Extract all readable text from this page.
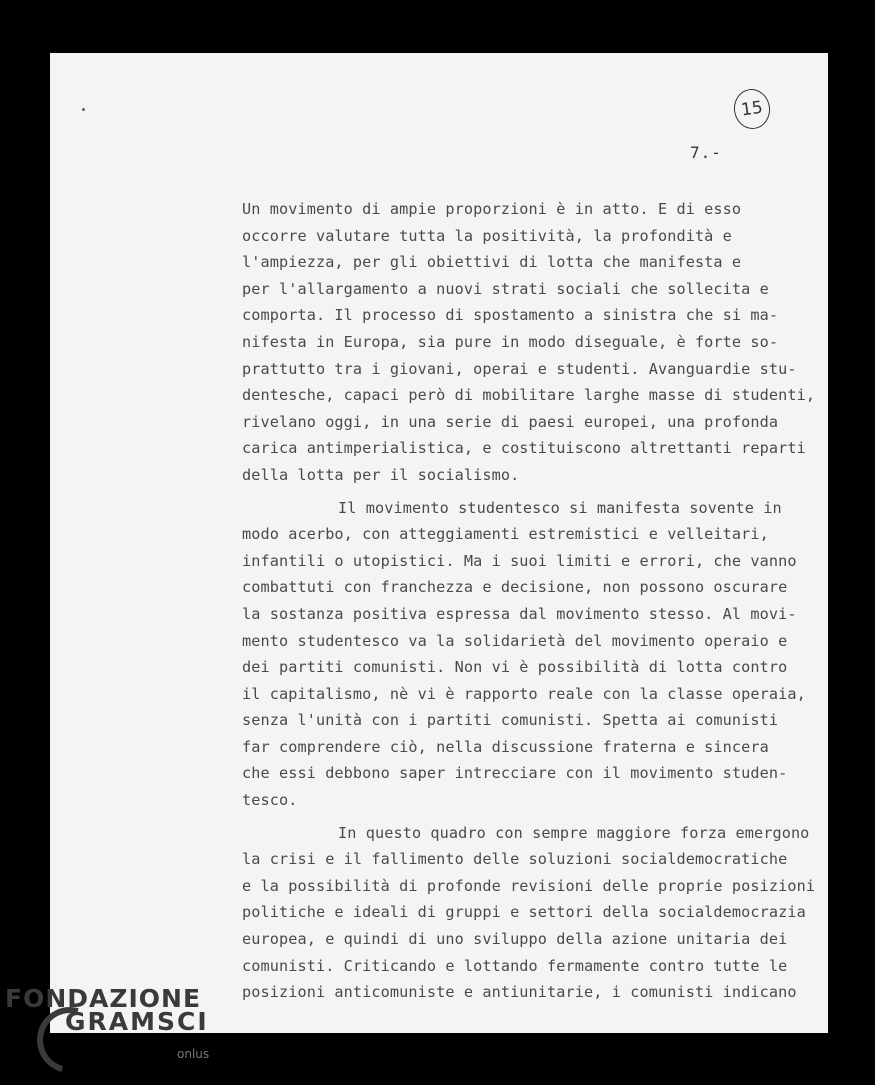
15
7.-
Un movimento di ampie proporzioni è in atto. E di esso
occorre valutare tutta la positività, la profondità e
l'ampiezza, per gli obiettivi di lotta che manifesta e
per l'allargamento a nuovi strati sociali che sollecita e
comporta. Il processo di spostamento a sinistra che si ma-
nifesta in Europa, sia pure in modo diseguale, è forte so-
prattutto tra i giovani, operai e studenti. Avanguardie stu-
dentesche, capaci però di mobilitare larghe masse di studenti,
rivelano oggi, in una serie di paesi europei, una profonda
carica antimperialistica, e costituiscono altrettanti reparti
della lotta per il socialismo.
Il movimento studentesco si manifesta sovente in
modo acerbo, con atteggiamenti estremistici e velleitari,
infantili o utopistici. Ma i suoi limiti e errori, che vanno
combattuti con franchezza e decisione, non possono oscurare
la sostanza positiva espressa dal movimento stesso. Al movi-
mento studentesco va la solidarietà del movimento operaio e
dei partiti comunisti. Non vi è possibilità di lotta contro
il capitalismo, nè vi è rapporto reale con la classe operaia,
senza l'unità con i partiti comunisti. Spetta ai comunisti
far comprendere ciò, nella discussione fraterna e sincera
che essi debbono saper intrecciare con il movimento studen-
tesco.
In questo quadro con sempre maggiore forza emergono
la crisi e il fallimento delle soluzioni socialdemocratiche
e la possibilità di profonde revisioni delle proprie posizioni
politiche e ideali di gruppi e settori della socialdemocrazia
europea, e quindi di uno sviluppo della azione unitaria dei
comunisti. Criticando e lottando fermamente contro tutte le
posizioni anticomuniste e antiunitarie, i comunisti indicano
FONDAZIONE
GRAMSCI
onlus
